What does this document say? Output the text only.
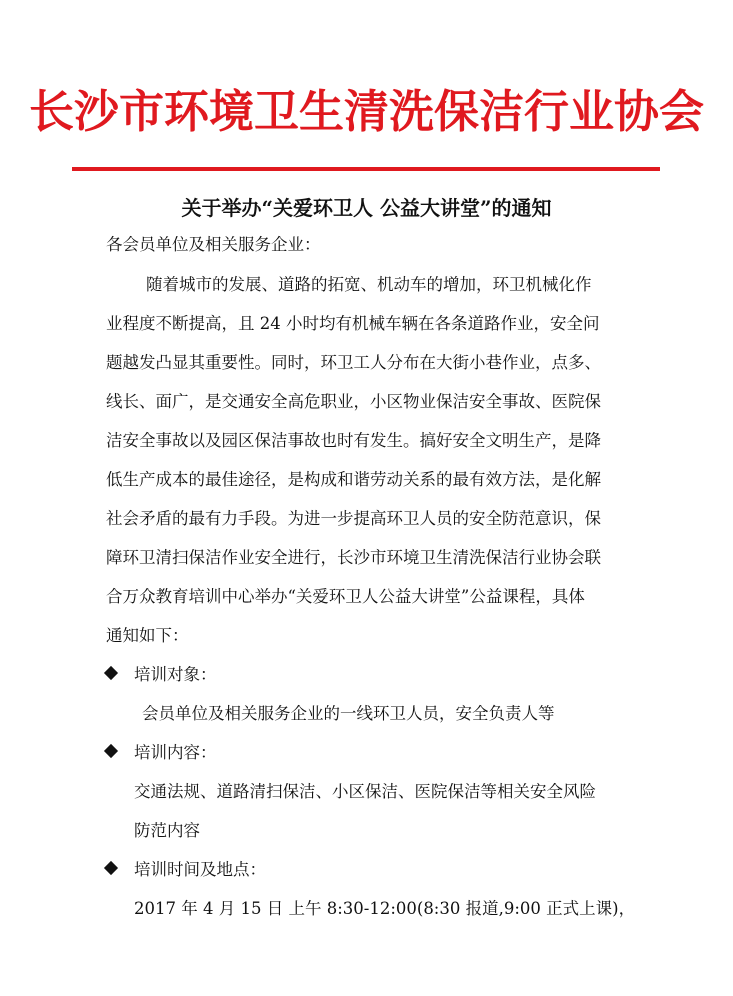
长沙市环境卫生清洗保洁行业协会
关于举办“关爱环卫人 公益大讲堂”的通知
各会员单位及相关服务企业：
随着城市的发展、道路的拓宽、机动车的增加，环卫机械化作
业程度不断提高，且 24 小时均有机械车辆在各条道路作业，安全问
题越发凸显其重要性。同时，环卫工人分布在大街小巷作业，点多、
线长、面广，是交通安全高危职业，小区物业保洁安全事故、医院保
洁安全事故以及园区保洁事故也时有发生。搞好安全文明生产，是降
低生产成本的最佳途径，是构成和谐劳动关系的最有效方法，是化解
社会矛盾的最有力手段。为进一步提高环卫人员的安全防范意识，保
障环卫清扫保洁作业安全进行，长沙市环境卫生清洗保洁行业协会联
合万众教育培训中心举办“关爱环卫人公益大讲堂”公益课程，具体
通知如下：
培训对象：
会员单位及相关服务企业的一线环卫人员，安全负责人等
培训内容：
交通法规、道路清扫保洁、小区保洁、医院保洁等相关安全风险
防范内容
培训时间及地点：
2017 年 4 月 15 日 上午 8:30-12:00(8:30 报道,9:00 正式上课)，
